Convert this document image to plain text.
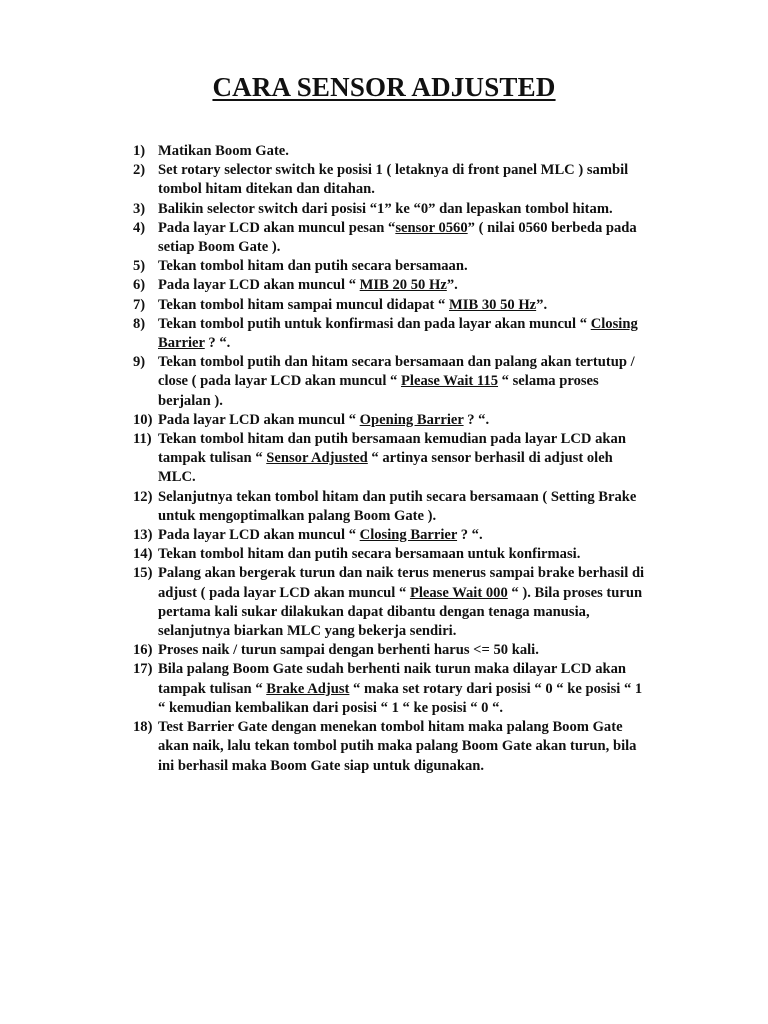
CARA SENSOR ADJUSTED
1) Matikan Boom Gate.
2) Set rotary selector switch ke posisi 1 ( letaknya di front panel MLC ) sambil tombol hitam ditekan dan ditahan.
3) Balikin selector switch dari posisi “1” ke “0” dan lepaskan tombol hitam.
4) Pada layar LCD akan muncul pesan “sensor 0560” ( nilai 0560 berbeda pada setiap Boom Gate ).
5) Tekan tombol hitam dan putih secara bersamaan.
6) Pada layar LCD akan muncul “ MIB 20 50 Hz”.
7) Tekan tombol hitam sampai muncul didapat “ MIB 30 50 Hz”.
8) Tekan tombol putih untuk konfirmasi dan pada layar akan muncul “ Closing Barrier ? “.
9) Tekan tombol putih dan hitam secara bersamaan dan palang akan tertutup / close ( pada layar LCD akan muncul “ Please Wait 115 “ selama proses berjalan ).
10) Pada layar LCD akan muncul “ Opening Barrier ? “.
11) Tekan tombol hitam dan putih bersamaan kemudian pada layar LCD akan tampak tulisan “ Sensor Adjusted “ artinya sensor berhasil di adjust oleh MLC.
12) Selanjutnya tekan tombol hitam dan putih secara bersamaan ( Setting Brake untuk mengoptimalkan palang Boom Gate ).
13) Pada layar LCD akan muncul “ Closing Barrier ? “.
14) Tekan tombol hitam dan putih secara bersamaan untuk konfirmasi.
15) Palang akan bergerak turun dan naik terus menerus sampai brake berhasil di adjust ( pada layar LCD akan muncul “ Please Wait 000 “ ). Bila proses turun pertama kali sukar dilakukan dapat dibantu dengan tenaga manusia, selanjutnya biarkan MLC yang bekerja sendiri.
16) Proses naik / turun sampai dengan berhenti harus <= 50 kali.
17) Bila palang Boom Gate sudah berhenti naik turun maka dilayar LCD akan tampak tulisan “ Brake Adjust “ maka set rotary dari posisi “ 0 “ ke posisi “ 1 “ kemudian kembalikan dari posisi “ 1 “ ke posisi “ 0 “.
18) Test Barrier Gate dengan menekan tombol hitam maka palang Boom Gate akan naik, lalu tekan tombol putih maka palang Boom Gate akan turun, bila ini berhasil maka Boom Gate siap untuk digunakan.
